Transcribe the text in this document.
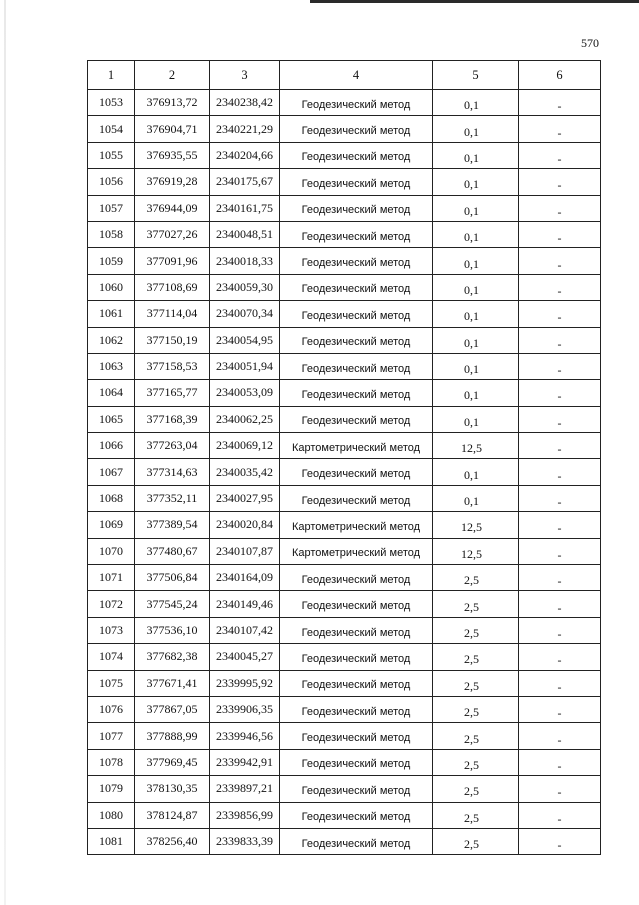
570
1	2	3	4	5	6
1053	376913,72	2340238,42	Геодезический метод	0,1	-
1054	376904,71	2340221,29	Геодезический метод	0,1	-
1055	376935,55	2340204,66	Геодезический метод	0,1	-
1056	376919,28	2340175,67	Геодезический метод	0,1	-
1057	376944,09	2340161,75	Геодезический метод	0,1	-
1058	377027,26	2340048,51	Геодезический метод	0,1	-
1059	377091,96	2340018,33	Геодезический метод	0,1	-
1060	377108,69	2340059,30	Геодезический метод	0,1	-
1061	377114,04	2340070,34	Геодезический метод	0,1	-
1062	377150,19	2340054,95	Геодезический метод	0,1	-
1063	377158,53	2340051,94	Геодезический метод	0,1	-
1064	377165,77	2340053,09	Геодезический метод	0,1	-
1065	377168,39	2340062,25	Геодезический метод	0,1	-
1066	377263,04	2340069,12	Картометрический метод	12,5	-
1067	377314,63	2340035,42	Геодезический метод	0,1	-
1068	377352,11	2340027,95	Геодезический метод	0,1	-
1069	377389,54	2340020,84	Картометрический метод	12,5	-
1070	377480,67	2340107,87	Картометрический метод	12,5	-
1071	377506,84	2340164,09	Геодезический метод	2,5	-
1072	377545,24	2340149,46	Геодезический метод	2,5	-
1073	377536,10	2340107,42	Геодезический метод	2,5	-
1074	377682,38	2340045,27	Геодезический метод	2,5	-
1075	377671,41	2339995,92	Геодезический метод	2,5	-
1076	377867,05	2339906,35	Геодезический метод	2,5	-
1077	377888,99	2339946,56	Геодезический метод	2,5	-
1078	377969,45	2339942,91	Геодезический метод	2,5	-
1079	378130,35	2339897,21	Геодезический метод	2,5	-
1080	378124,87	2339856,99	Геодезический метод	2,5	-
1081	378256,40	2339833,39	Геодезический метод	2,5	-
